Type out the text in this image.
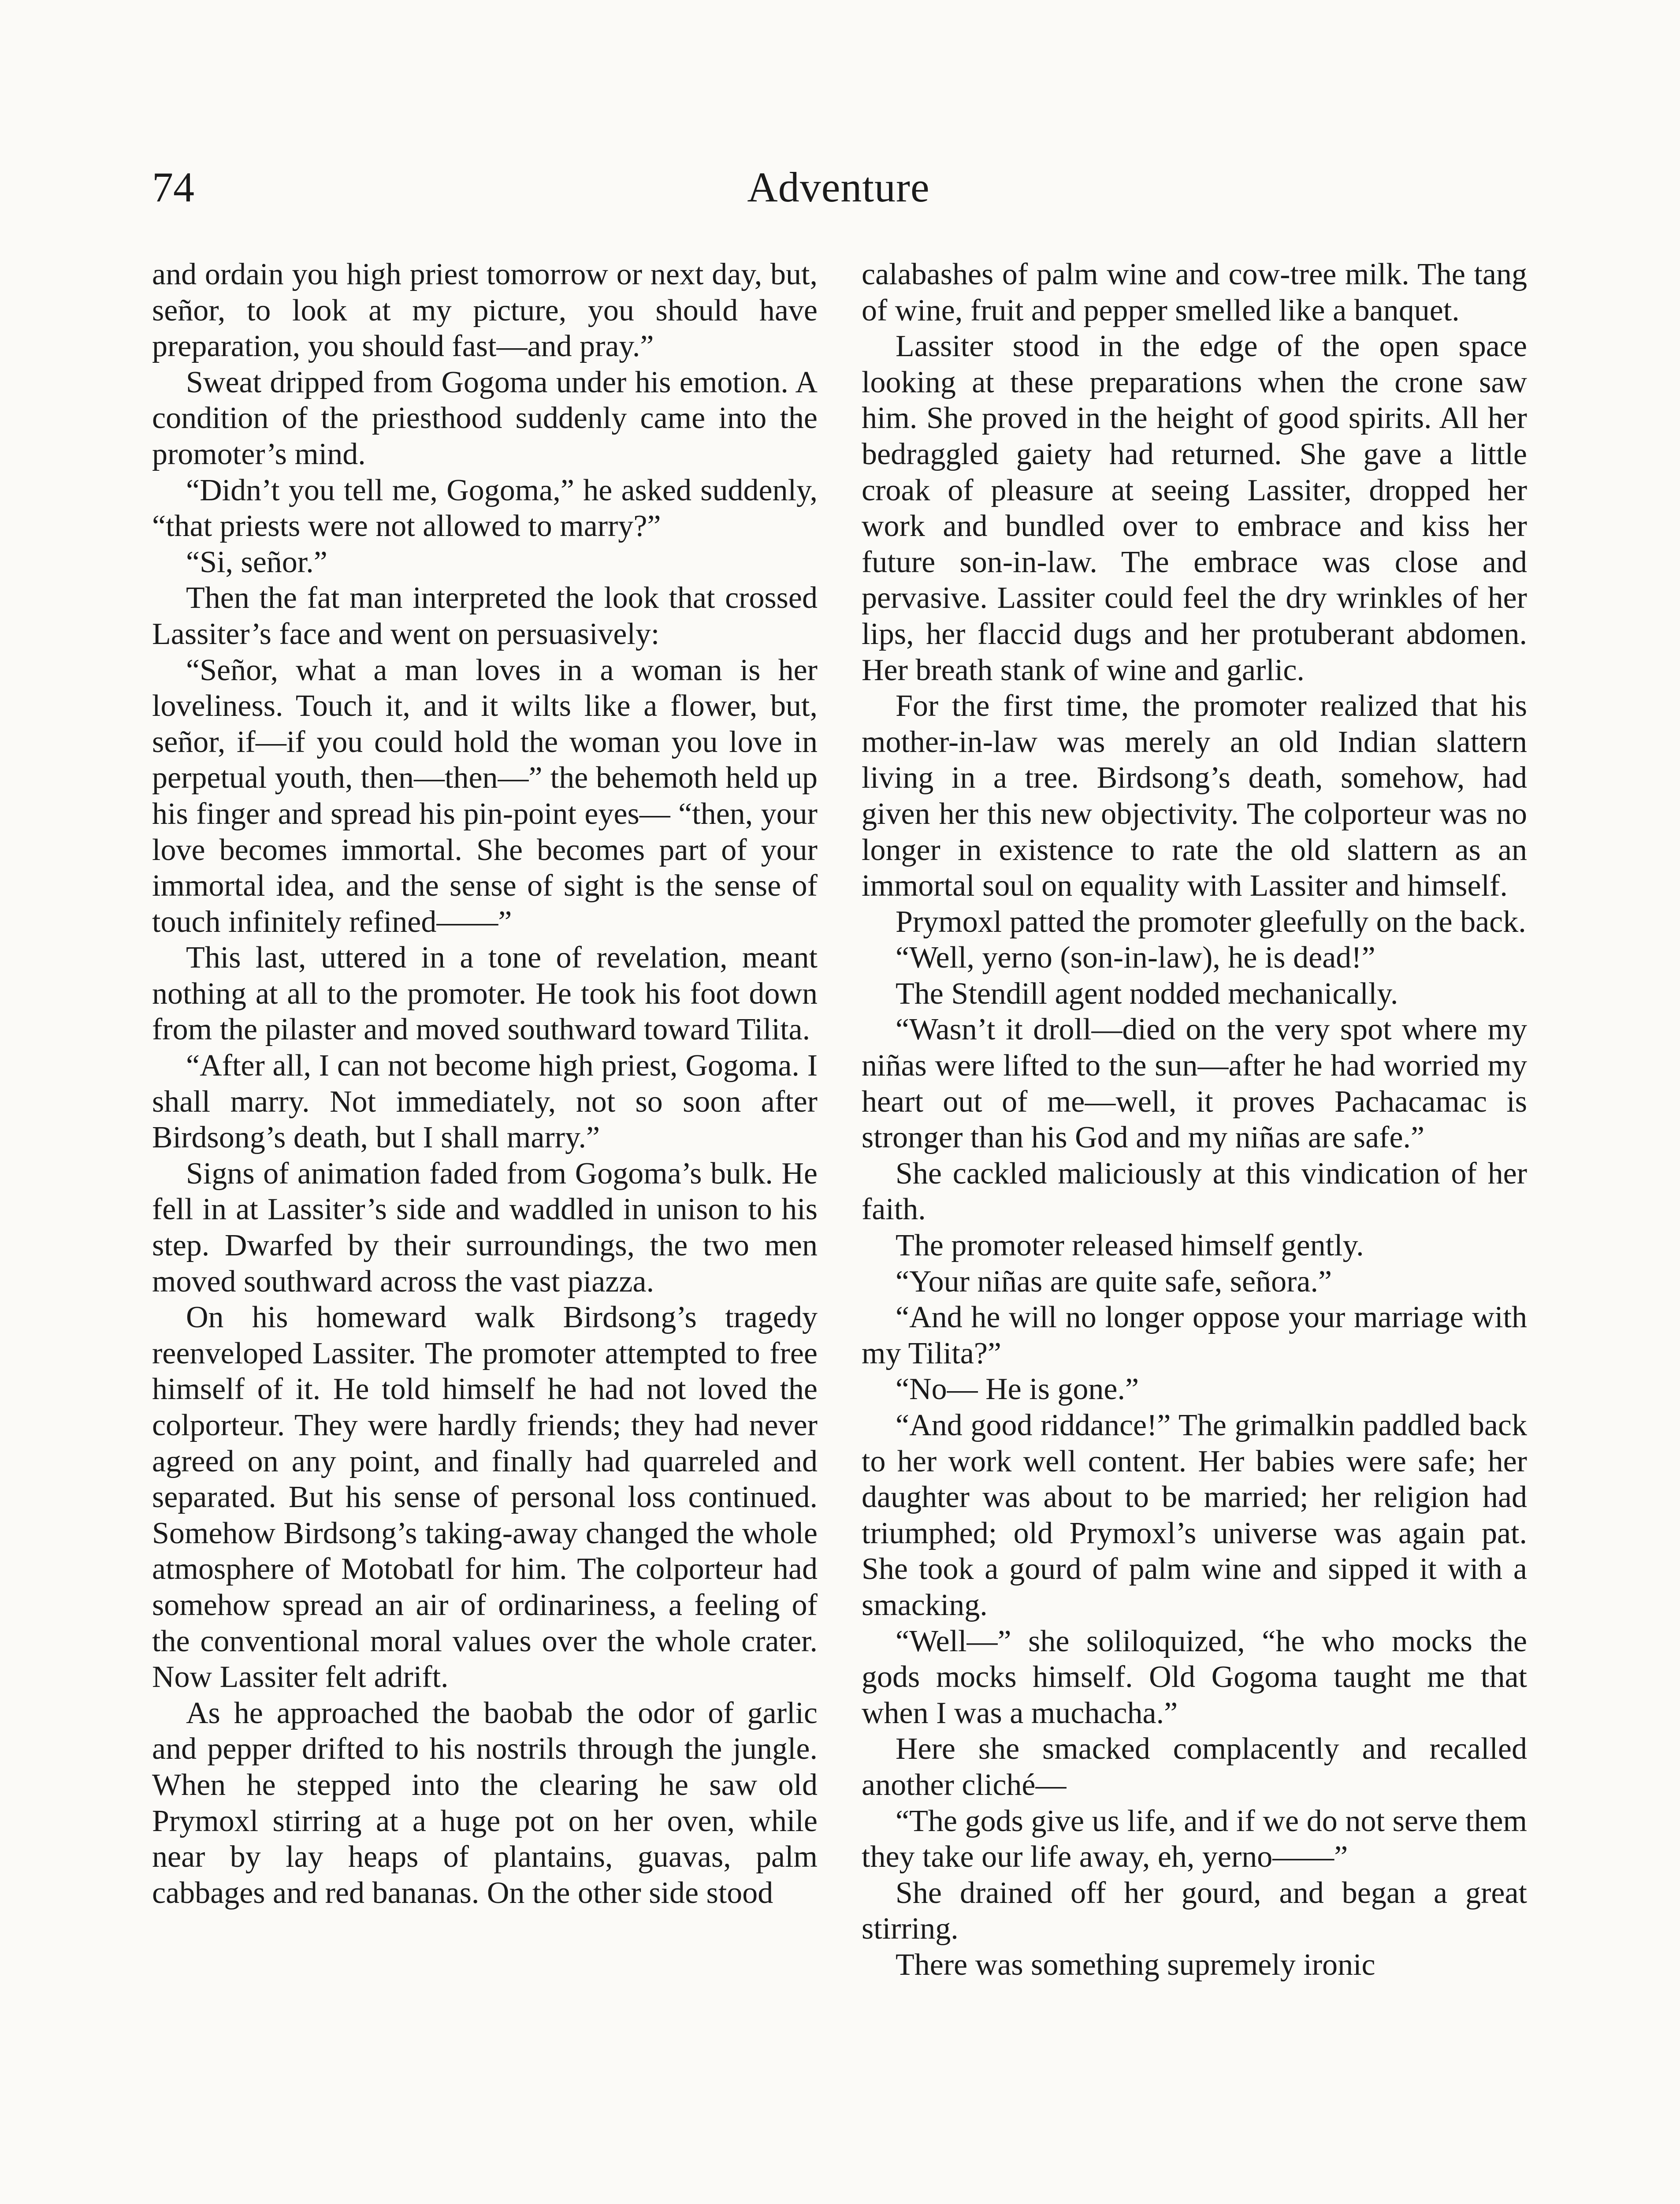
74	Adventure

and ordain you high priest tomorrow or next day, but, señor, to look at my picture, you should have preparation, you should fast—and pray.”

Sweat dripped from Gogoma under his emotion. A condition of the priesthood suddenly came into the promoter’s mind.

“Didn’t you tell me, Gogoma,” he asked suddenly, “that priests were not allowed to marry?”

“Si, señor.”

Then the fat man interpreted the look that crossed Lassiter’s face and went on persuasively:

“Señor, what a man loves in a woman is her loveliness. Touch it, and it wilts like a flower, but, señor, if—if you could hold the woman you love in perpetual youth, then—then—” the behemoth held up his finger and spread his pin-point eyes— “then, your love becomes immortal. She becomes part of your immortal idea, and the sense of sight is the sense of touch infinitely refined——”

This last, uttered in a tone of revelation, meant nothing at all to the promoter. He took his foot down from the pilaster and moved southward toward Tilita.

“After all, I can not become high priest, Gogoma. I shall marry. Not immediately, not so soon after Birdsong’s death, but I shall marry.”

Signs of animation faded from Gogoma’s bulk. He fell in at Lassiter’s side and waddled in unison to his step. Dwarfed by their surroundings, the two men moved southward across the vast piazza.

On his homeward walk Birdsong’s tragedy reenveloped Lassiter. The promoter attempted to free himself of it. He told himself he had not loved the colporteur. They were hardly friends; they had never agreed on any point, and finally had quarreled and separated. But his sense of personal loss continued. Somehow Birdsong’s taking-away changed the whole atmosphere of Motobatl for him. The colporteur had somehow spread an air of ordinariness, a feeling of the conventional moral values over the whole crater. Now Lassiter felt adrift.

As he approached the baobab the odor of garlic and pepper drifted to his nostrils through the jungle. When he stepped into the clearing he saw old Prymoxl stirring at a huge pot on her oven, while near by lay heaps of plantains, guavas, palm cabbages and red bananas. On the other side stood

calabashes of palm wine and cow-tree milk. The tang of wine, fruit and pepper smelled like a banquet.

Lassiter stood in the edge of the open space looking at these preparations when the crone saw him. She proved in the height of good spirits. All her bedraggled gaiety had returned. She gave a little croak of pleasure at seeing Lassiter, dropped her work and bundled over to embrace and kiss her future son-in-law. The embrace was close and pervasive. Lassiter could feel the dry wrinkles of her lips, her flaccid dugs and her protuberant abdomen. Her breath stank of wine and garlic.

For the first time, the promoter realized that his mother-in-law was merely an old Indian slattern living in a tree. Birdsong’s death, somehow, had given her this new objectivity. The colporteur was no longer in existence to rate the old slattern as an immortal soul on equality with Lassiter and himself.

Prymoxl patted the promoter gleefully on the back.

“Well, yerno (son-in-law), he is dead!”

The Stendill agent nodded mechanically.

“Wasn’t it droll—died on the very spot where my niñas were lifted to the sun—after he had worried my heart out of me—well, it proves Pachacamac is stronger than his God and my niñas are safe.”

She cackled maliciously at this vindication of her faith.

The promoter released himself gently.

“Your niñas are quite safe, señora.”

“And he will no longer oppose your marriage with my Tilita?”

“No— He is gone.”

“And good riddance!” The grimalkin paddled back to her work well content. Her babies were safe; her daughter was about to be married; her religion had triumphed; old Prymoxl’s universe was again pat. She took a gourd of palm wine and sipped it with a smacking.

“Well—” she soliloquized, “he who mocks the gods mocks himself. Old Gogoma taught me that when I was a muchacha.”

Here she smacked complacently and recalled another cliché—

“The gods give us life, and if we do not serve them they take our life away, eh, yerno——”

She drained off her gourd, and began a great stirring.

There was something supremely ironic
